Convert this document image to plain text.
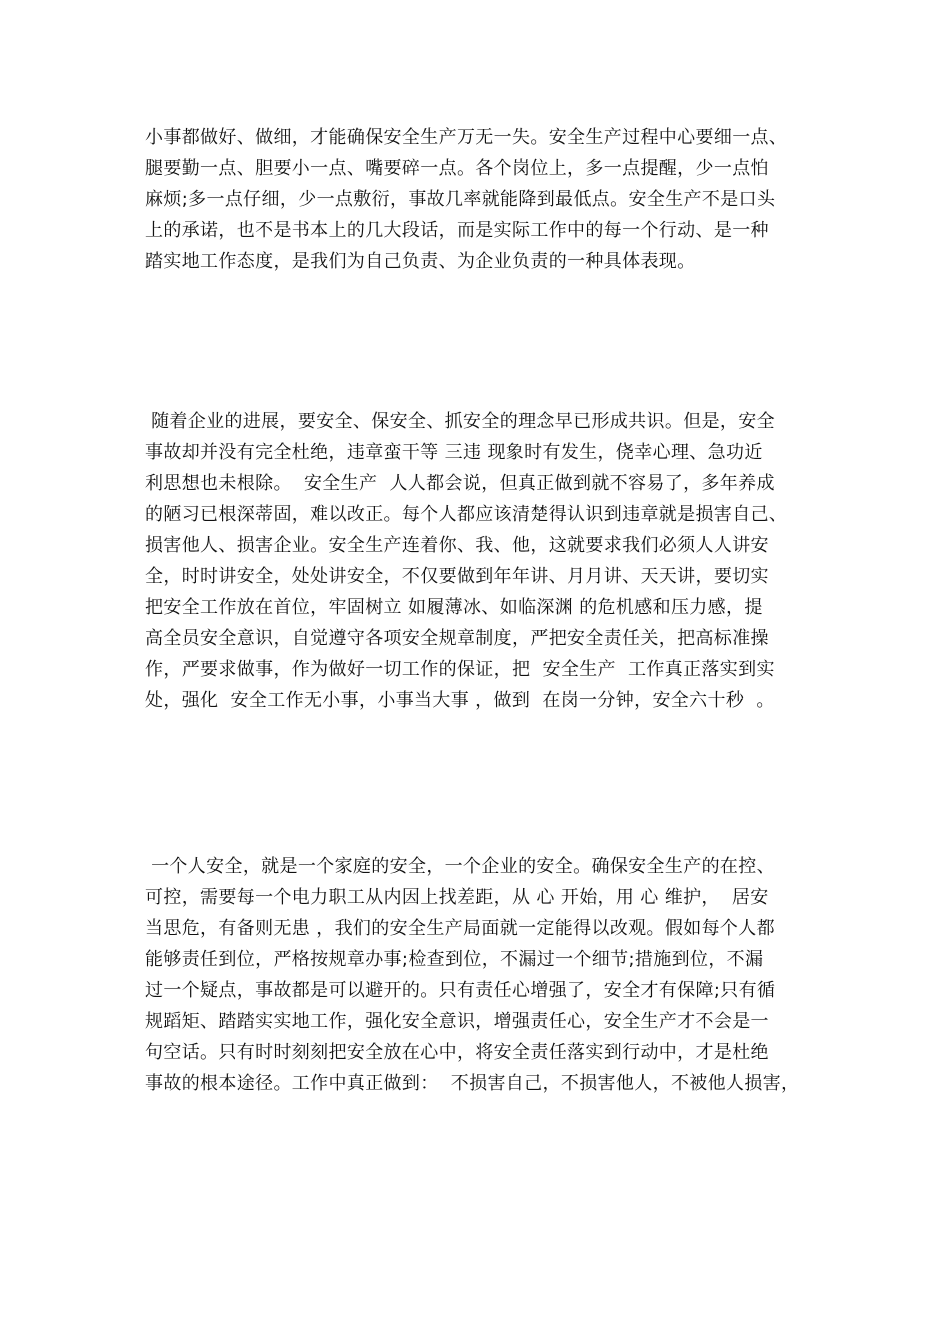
小事都做好、做细，才能确保安全生产万无一失。安全生产过程中心要细一点、
腿要勤一点、胆要小一点、嘴要碎一点。各个岗位上，多一点提醒，少一点怕
麻烦;多一点仔细，少一点敷衍，事故几率就能降到最低点。安全生产不是口头
上的承诺，也不是书本上的几大段话，而是实际工作中的每一个行动、是一种
踏实地工作态度，是我们为自己负责、为企业负责的一种具体表现。
随着企业的进展，要安全、保安全、抓安全的理念早已形成共识。但是，安全
事故却并没有完全杜绝，违章蛮干等 三违 现象时有发生，侥幸心理、急功近
利思想也未根除。  安全生产  人人都会说，但真正做到就不容易了，多年养成
的陋习已根深蒂固，难以改正。每个人都应该清楚得认识到违章就是损害自己、
损害他人、损害企业。安全生产连着你、我、他，这就要求我们必须人人讲安
全，时时讲安全，处处讲安全，不仅要做到年年讲、月月讲、天天讲，要切实
把安全工作放在首位，牢固树立 如履薄冰、如临深渊 的危机感和压力感，提
高全员安全意识，自觉遵守各项安全规章制度，严把安全责任关，把高标准操
作，严要求做事，作为做好一切工作的保证，把  安全生产  工作真正落实到实
处，强化  安全工作无小事，小事当大事 ，做到  在岗一分钟，安全六十秒  。
一个人安全，就是一个家庭的安全，一个企业的安全。确保安全生产的在控、
可控，需要每一个电力职工从内因上找差距，从 心 开始，用 心 维护，  居安
当思危，有备则无患 ，我们的安全生产局面就一定能得以改观。假如每个人都
能够责任到位，严格按规章办事;检查到位，不漏过一个细节;措施到位，不漏
过一个疑点，事故都是可以避开的。只有责任心增强了，安全才有保障;只有循
规蹈矩、踏踏实实地工作，强化安全意识，增强责任心，安全生产才不会是一
句空话。只有时时刻刻把安全放在心中，将安全责任落实到行动中，才是杜绝
事故的根本途径。工作中真正做到：  不损害自己，不损害他人，不被他人损害，
